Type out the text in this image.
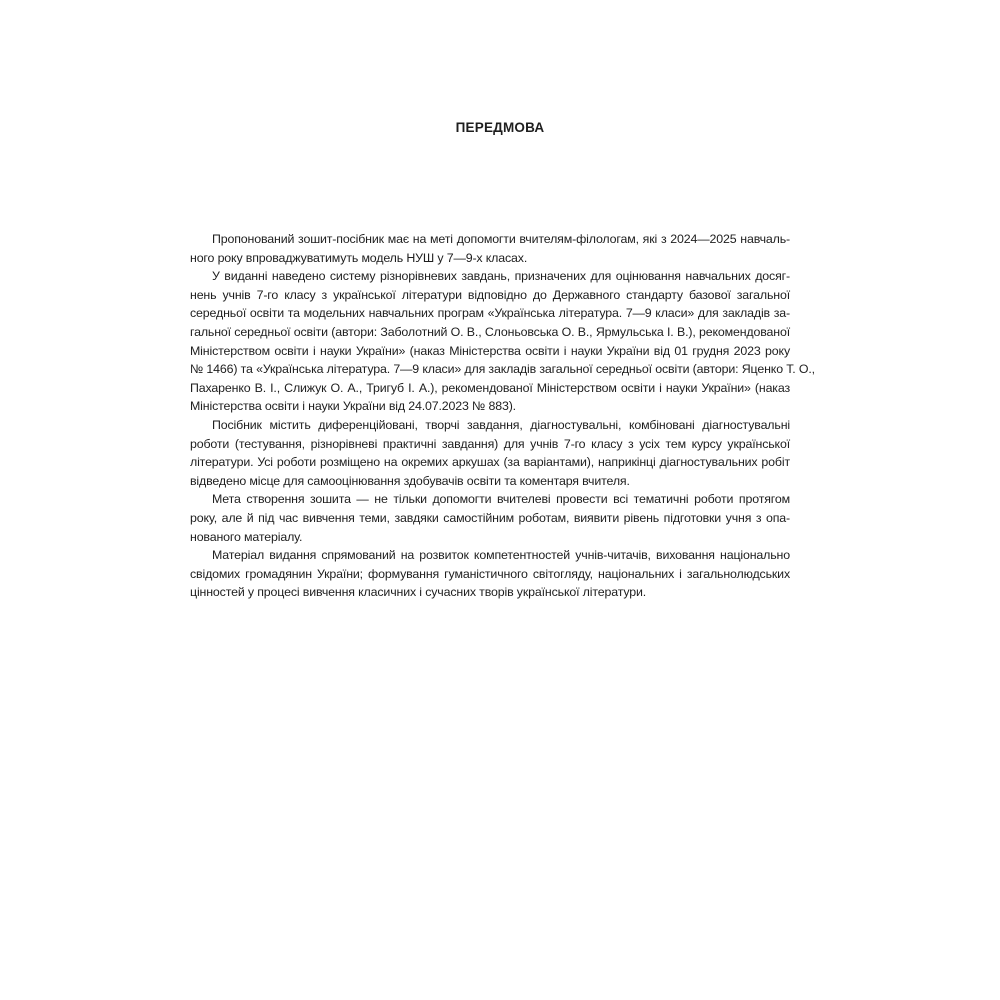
ПЕРЕДМОВА

Пропонований зошит-посібник має на меті допомогти вчителям-філологам, які з 2024—2025 навчаль-
ного року впроваджуватимуть модель НУШ у 7—9-х класах.

У виданні наведено систему різнорівневих завдань, призначених для оцінювання навчальних досяг-
нень учнів 7-го класу з української літератури відповідно до Державного стандарту базової загальної
середньої освіти та модельних навчальних програм «Українська література. 7—9 класи» для закладів за-
гальної середньої освіти (автори: Заболотний О. В., Слоньовська О. В., Ярмульська І. В.), рекомендованої
Міністерством освіти і науки України» (наказ Міністерства освіти і науки України від 01 грудня 2023 року
№ 1466) та «Українська література. 7—9 класи» для закладів загальної середньої освіти (автори: Яценко Т. О.,
Пахаренко В. І., Слижук О. А., Тригуб І. А.), рекомендованої Міністерством освіти і науки України» (наказ
Міністерства освіти і науки України від 24.07.2023 № 883).

Посібник містить диференційовані, творчі завдання, діагностувальні, комбіновані діагностувальні
роботи (тестування, різнорівневі практичні завдання) для учнів 7-го класу з усіх тем курсу української
літератури. Усі роботи розміщено на окремих аркушах (за варіантами), наприкінці діагностувальних робіт
відведено місце для самооцінювання здобувачів освіти та коментаря вчителя.

Мета створення зошита — не тільки допомогти вчителеві провести всі тематичні роботи протягом
року, але й під час вивчення теми, завдяки самостійним роботам, виявити рівень підготовки учня з опа-
нованого матеріалу.

Матеріал видання спрямований на розвиток компетентностей учнів-читачів, виховання національно
свідомих громадянин України; формування гуманістичного світогляду, національних і загальнолюдських
цінностей у процесі вивчення класичних і сучасних творів української літератури.
